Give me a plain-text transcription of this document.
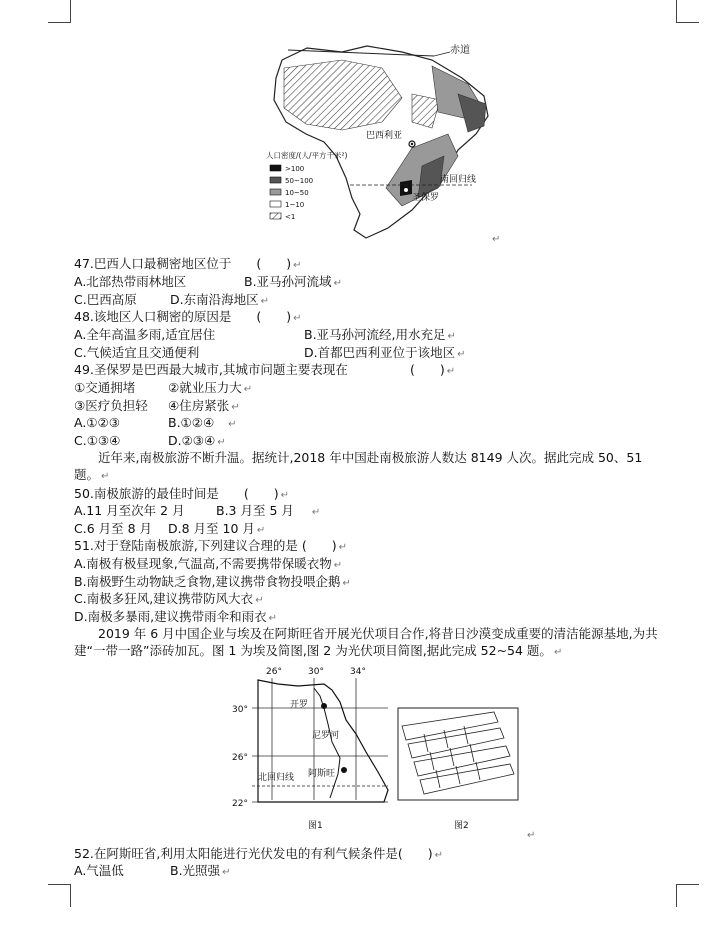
赤道
巴西利亚
南回归线
圣保罗
人口密度/(人/平方千米²)
>100
50~100
10~50
1~10
<1
↵
47.巴西人口最稠密地区位于　　(　　) ↵
A.北部热带雨林地区	B.亚马孙河流域 ↵
C.巴西高原	D.东南沿海地区 ↵
48.该地区人口稠密的原因是　　(　　) ↵
A.全年高温多雨,适宜居住	B.亚马孙河流经,用水充足 ↵
C.气候适宜且交通便利	D.首都巴西利亚位于该地区 ↵
49.圣保罗是巴西最大城市,其城市问题主要表现在	(　　) ↵
①交通拥堵	②就业压力大 ↵
③医疗负担轻 ④住房紧张 ↵
A.①②③	B.①②④ ↵
C.①③④	D.②③④ ↵
近年来,南极旅游不断升温。据统计,2018 年中国赴南极旅游人数达 8149 人次。据此完成 50、51 题。 ↵
50.南极旅游的最佳时间是　　(　　) ↵
A.11 月至次年 2 月	B.3 月至 5 月 ↵
C.6 月至 8 月 D.8 月至 10 月 ↵
51.对于登陆南极旅游,下列建议合理的是 (　　) ↵
A.南极有极昼现象,气温高,不需要携带保暖衣物 ↵
B.南极野生动物缺乏食物,建议携带食物投喂企鹅 ↵
C.南极多狂风,建议携带防风大衣 ↵
D.南极多暴雨,建议携带雨伞和雨衣 ↵
2019 年 6 月中国企业与埃及在阿斯旺省开展光伏项目合作,将昔日沙漠变成重要的清洁能源基地,为共建“一带一路”添砖加瓦。图 1 为埃及简图,图 2 为光伏项目简图,据此完成 52~54 题。 ↵
26°	30°	34°
30°
26°
22°
开罗
尼罗河
阿斯旺
北回归线
图1	图2
↵
52.在阿斯旺省,利用太阳能进行光伏发电的有利气候条件是(　　) ↵
A.气温低	B.光照强 ↵
